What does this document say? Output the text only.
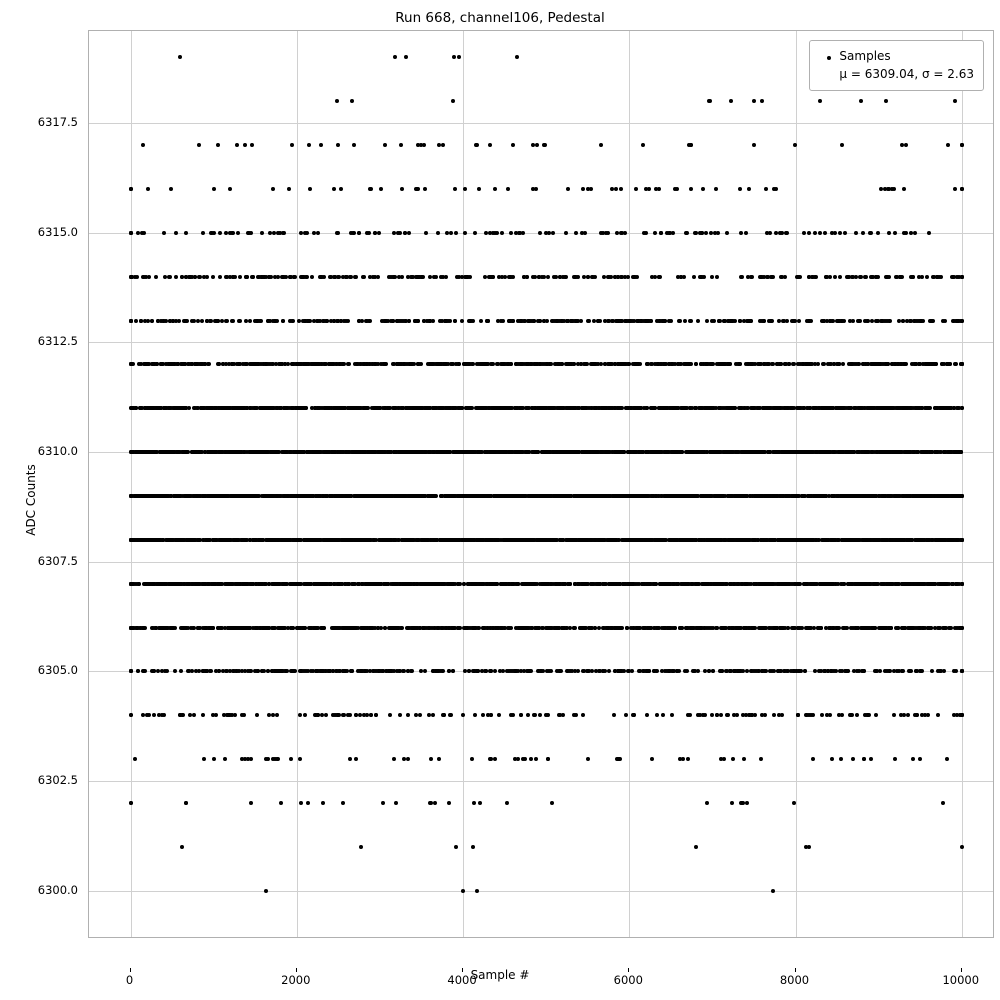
Run 668, channel106, Pedestal
ADC Counts
Sample #
6300.0
6302.5
6305.0
6307.5
6310.0
6312.5
6315.0
6317.5
0	2000	4000	6000	8000	10000
Samples
μ = 6309.04, σ = 2.63
